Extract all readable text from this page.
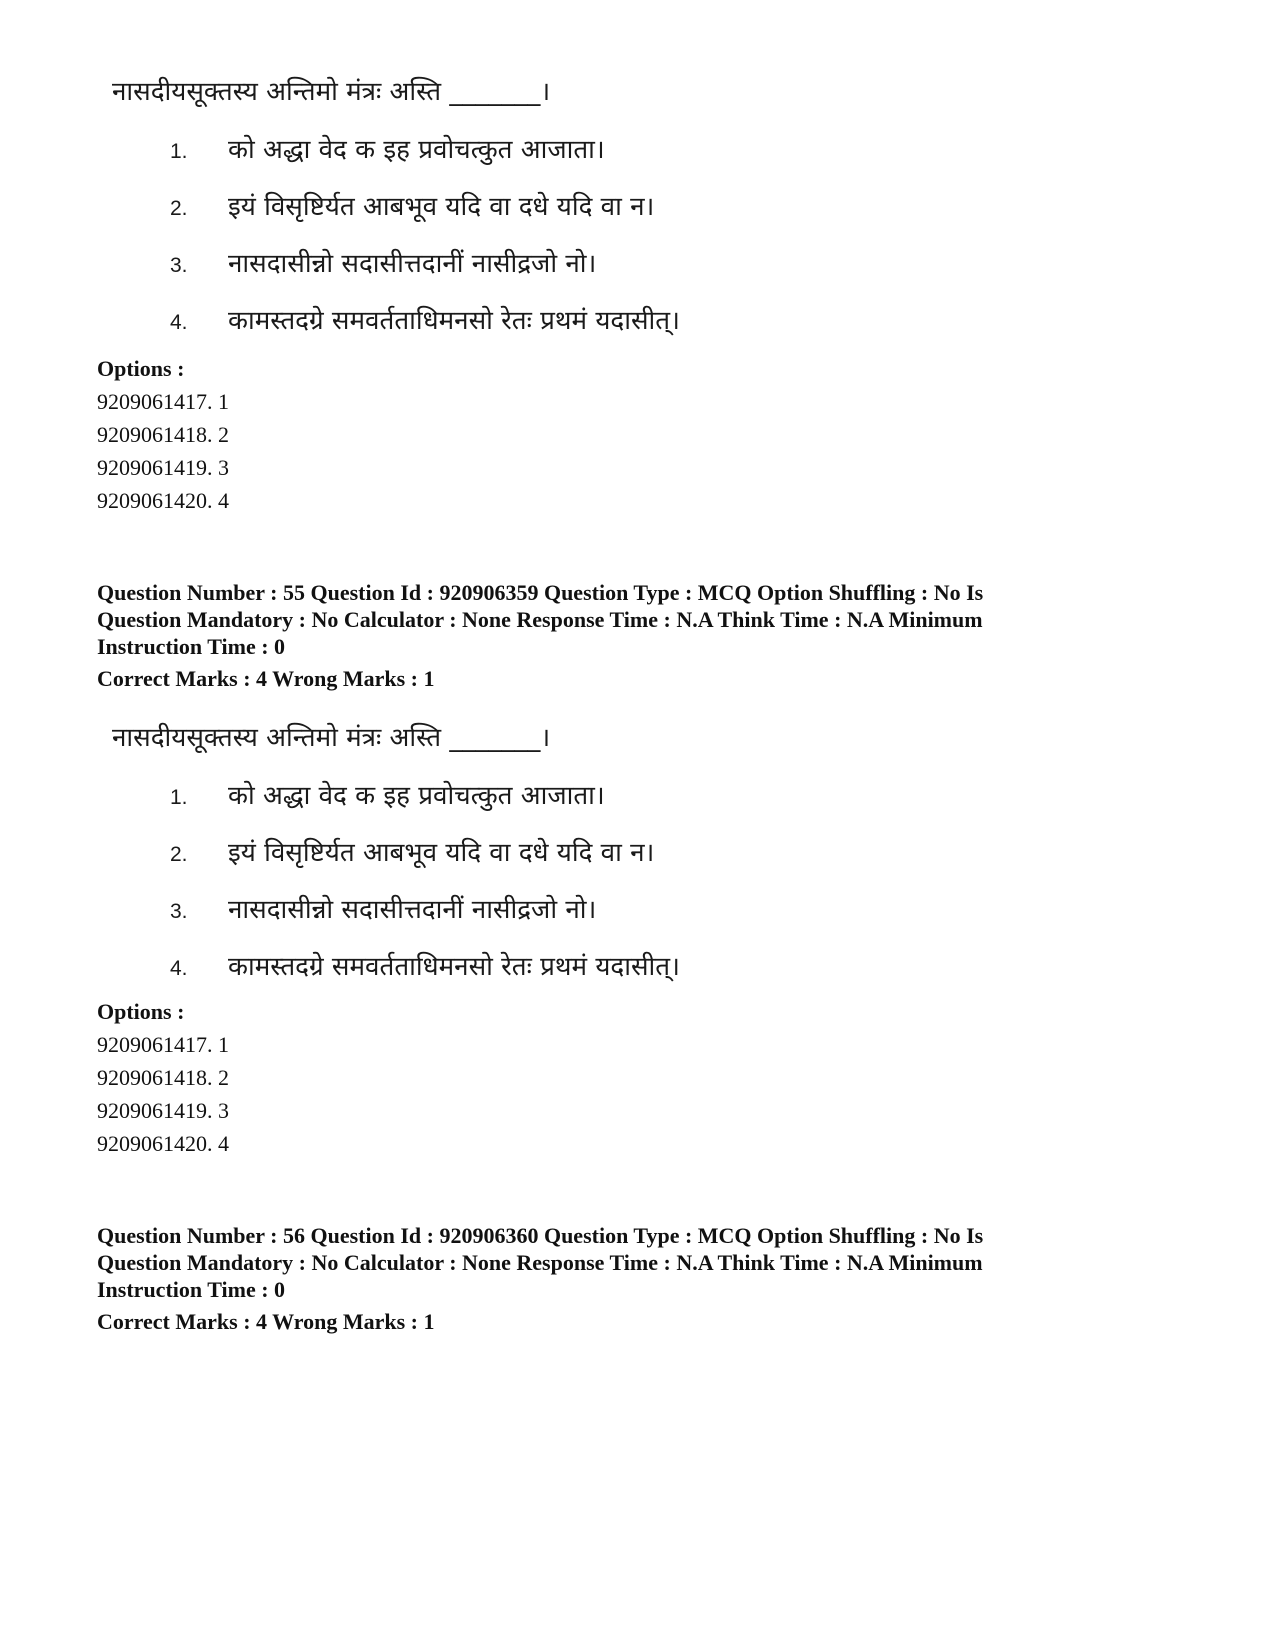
नासदीयसूक्तस्य अन्तिमो मंत्रः अस्ति _______।
1.	को अद्धा वेद क इह प्रवोचत्कुत आजाता।
2.	इयं विसृष्टिर्यत आबभूव यदि वा दधे यदि वा न।
3.	नासदासीन्नो सदासीत्तदानीं नासीद्रजो नो।
4.	कामस्तदग्रे समवर्तताधिमनसो रेतः प्रथमं यदासीत्।
Options :
9209061417. 1
9209061418. 2
9209061419. 3
9209061420. 4
Question Number : 55 Question Id : 920906359 Question Type : MCQ Option Shuffling : No Is
Question Mandatory : No Calculator : None Response Time : N.A Think Time : N.A Minimum
Instruction Time : 0
Correct Marks : 4 Wrong Marks : 1
नासदीयसूक्तस्य अन्तिमो मंत्रः अस्ति _______।
1.	को अद्धा वेद क इह प्रवोचत्कुत आजाता।
2.	इयं विसृष्टिर्यत आबभूव यदि वा दधे यदि वा न।
3.	नासदासीन्नो सदासीत्तदानीं नासीद्रजो नो।
4.	कामस्तदग्रे समवर्तताधिमनसो रेतः प्रथमं यदासीत्।
Options :
9209061417. 1
9209061418. 2
9209061419. 3
9209061420. 4
Question Number : 56 Question Id : 920906360 Question Type : MCQ Option Shuffling : No Is
Question Mandatory : No Calculator : None Response Time : N.A Think Time : N.A Minimum
Instruction Time : 0
Correct Marks : 4 Wrong Marks : 1
